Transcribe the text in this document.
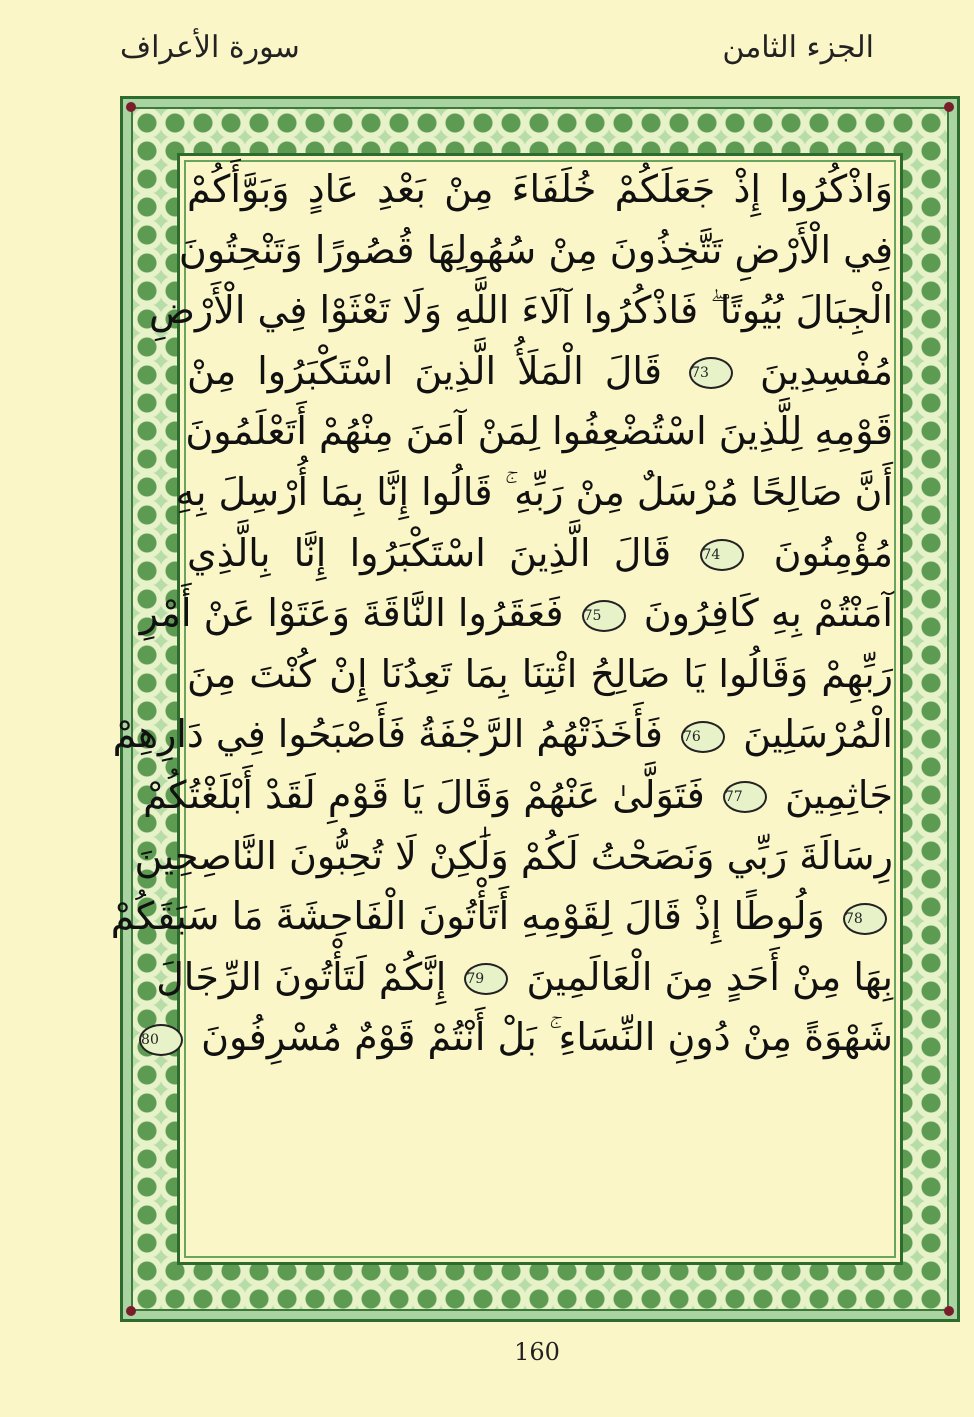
سورة الأعراف	الجزء الثامن
وَاذْكُرُوا إِذْ جَعَلَكُمْ خُلَفَاءَ مِنْ بَعْدِ عَادٍ وَبَوَّأَكُمْ
فِي الْأَرْضِ تَتَّخِذُونَ مِنْ سُهُولِهَا قُصُورًا وَتَنْحِتُونَ
الْجِبَالَ بُيُوتًا ۖ فَاذْكُرُوا آلَاءَ اللَّهِ وَلَا تَعْثَوْا فِي الْأَرْضِ
مُفْسِدِينَ 73 قَالَ الْمَلَأُ الَّذِينَ اسْتَكْبَرُوا مِنْ
قَوْمِهِ لِلَّذِينَ اسْتُضْعِفُوا لِمَنْ آمَنَ مِنْهُمْ أَتَعْلَمُونَ
أَنَّ صَالِحًا مُرْسَلٌ مِنْ رَبِّهِ ۚ قَالُوا إِنَّا بِمَا أُرْسِلَ بِهِ
مُؤْمِنُونَ 74 قَالَ الَّذِينَ اسْتَكْبَرُوا إِنَّا بِالَّذِي
آمَنْتُمْ بِهِ كَافِرُونَ 75 فَعَقَرُوا النَّاقَةَ وَعَتَوْا عَنْ أَمْرِ
رَبِّهِمْ وَقَالُوا يَا صَالِحُ ائْتِنَا بِمَا تَعِدُنَا إِنْ كُنْتَ مِنَ
الْمُرْسَلِينَ 76 فَأَخَذَتْهُمُ الرَّجْفَةُ فَأَصْبَحُوا فِي دَارِهِمْ
جَاثِمِينَ 77 فَتَوَلَّىٰ عَنْهُمْ وَقَالَ يَا قَوْمِ لَقَدْ أَبْلَغْتُكُمْ
رِسَالَةَ رَبِّي وَنَصَحْتُ لَكُمْ وَلَٰكِنْ لَا تُحِبُّونَ النَّاصِحِينَ
78 وَلُوطًا إِذْ قَالَ لِقَوْمِهِ أَتَأْتُونَ الْفَاحِشَةَ مَا سَبَقَكُمْ
بِهَا مِنْ أَحَدٍ مِنَ الْعَالَمِينَ 79 إِنَّكُمْ لَتَأْتُونَ الرِّجَالَ
شَهْوَةً مِنْ دُونِ النِّسَاءِ ۚ بَلْ أَنْتُمْ قَوْمٌ مُسْرِفُونَ 80
160
